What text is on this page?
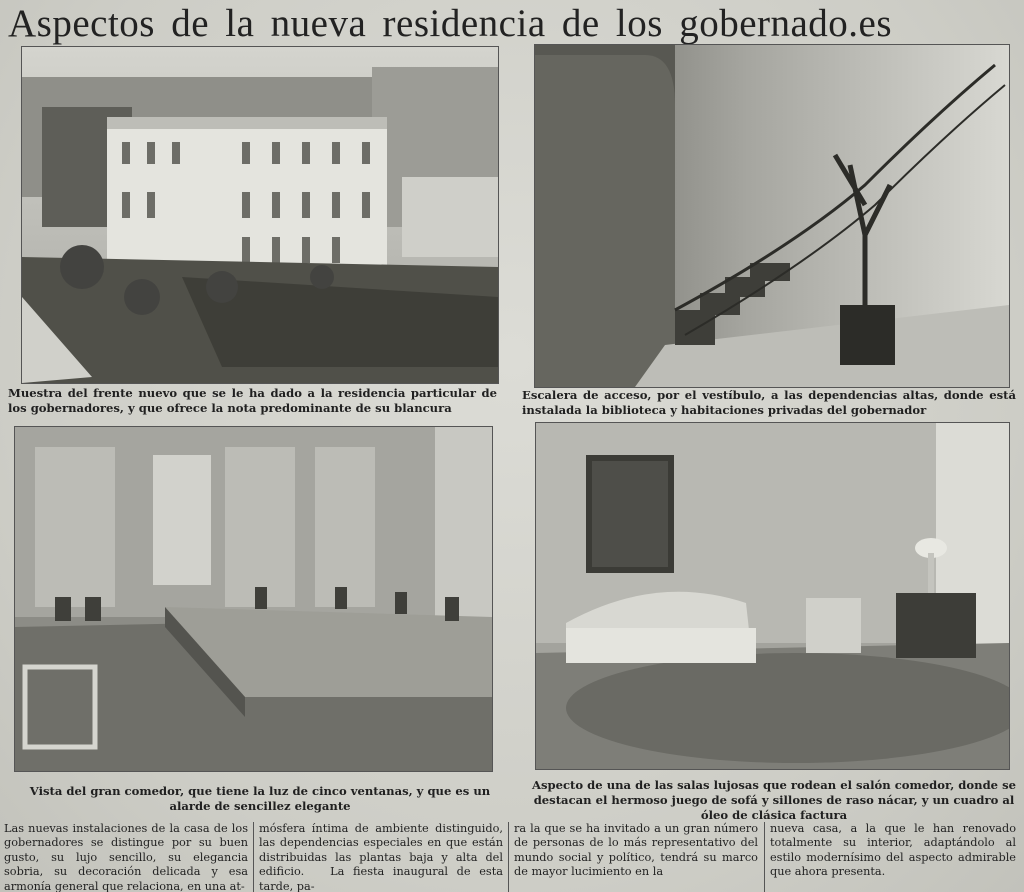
Aspectos de la nueva residencia de los gobernado.es

Muestra del frente nuevo que se le ha dado a la residencia particular de los gobernadores, y que ofrece la nota predominante de su blancura

Escalera de acceso, por el vestíbulo, a las dependencias altas, donde está instalada la biblioteca y habitaciones privadas del gobernador

Vista del gran comedor, que tiene la luz de cinco ventanas, y que es un alarde de sencillez elegante

Aspecto de una de las salas lujosas que rodean el salón comedor, donde se destacan el hermoso juego de sofá y sillones de raso nácar, y un cuadro al óleo de clásica factura

Las nuevas instalaciones de la casa de los gobernadores se distingue por su buen gusto, su lujo sencillo, su elegancia sobria, su decoración delicada y esa armonía general que relaciona, en una at-

mósfera íntima de ambiente distinguido, las dependencias especiales en que están distribuidas las plantas baja y alta del edificio.   La fiesta inaugural de esta tarde, pa-

ra la que se ha invitado a un gran número de personas de lo más representativo del mundo social y político, tendrá su marco de mayor lucimiento en la

nueva casa, a la que le han renovado totalmente su interior, adaptándolo al estilo modernísimo del aspecto admirable que ahora presenta.
